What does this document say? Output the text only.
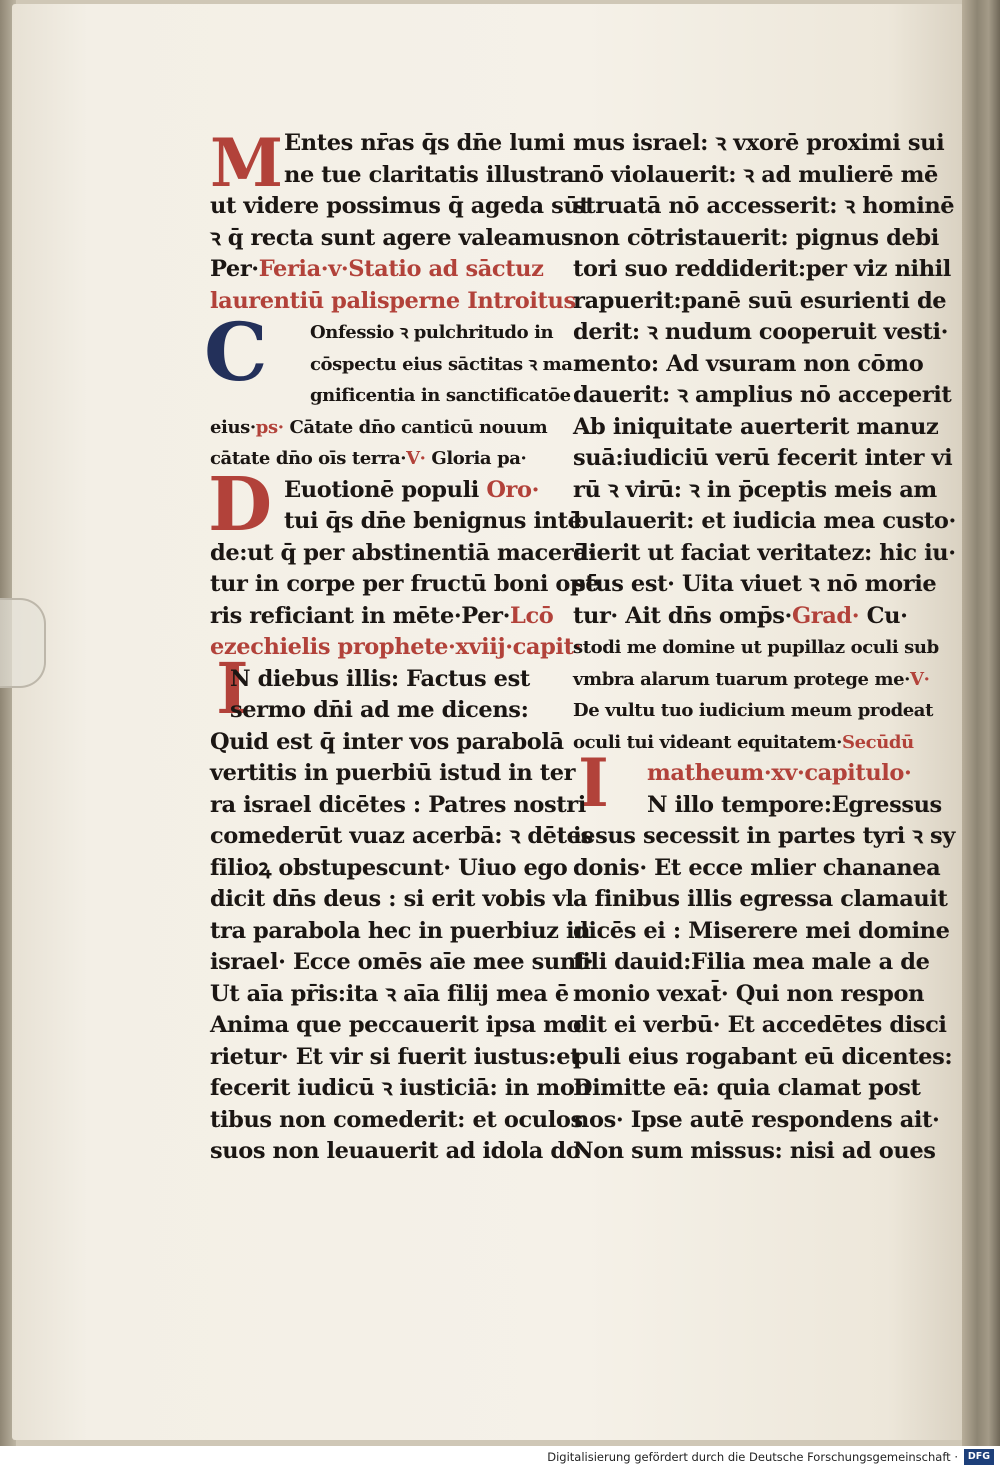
M
C
D
I
I
Entes nr̄as q̄s dn̄e lumi
ne tue claritatis illustra
ut videre possimus q̄ ageda sūt
ꝛ q̄ recta sunt agere valeamus·
Per·Feria·v·Statio ad sāctuz
laurentiū palisperne Introitus
Onfessio ꝛ pulchritudo in
cōspectu eius sāctitas ꝛ ma
gnificentia in sanctificatōe
eius·ps· Cātate dn̄o canticū nouum
cātate dn̄o oīs terra·V· Gloria pa·
Euotionē populi Oro·
tui q̄s dn̄e benignus intē
de:ut q̄ per abstinentiā macerā·
tur in corpe per fructū boni opē
ris reficiant in mēte·Per·Lcō
ezechielis prophete·xviij·capit·
N diebus illis: Factus est
sermo dn̄i ad me dicens:
Quid est q̄ inter vos parabolā
vertitis in puerbiū istud in ter
ra israel dicētes : Patres nostri
comederūt vuaz acerbā: ꝛ dētes
filioꝝ obstupescunt· Uiuo ego
dicit dn̄s deus : si erit vobis vl
tra parabola hec in puerbiuz in
israel· Ecce omēs aīe mee sunt·
Ut aīa pr̄is:ita ꝛ aīa filij mea ē
Anima que peccauerit ipsa mo
rietur· Et vir si fuerit iustus:et
fecerit iudicū ꝛ iusticiā: in mon
tibus non comederit: et oculos
suos non leuauerit ad idola do
mus israel: ꝛ vxorē proximi sui
nō violauerit: ꝛ ad mulierē mē
struatā nō accesserit: ꝛ hominē
non cōtristauerit: pignus debi
tori suo reddiderit:per viz nihil
rapuerit:panē suū esurienti de
derit: ꝛ nudum cooperuit vesti·
mento: Ad vsuram non cōmo
dauerit: ꝛ amplius nō acceperit
Ab iniquitate auerterit manuz
suā:iudiciū verū fecerit inter vi
rū ꝛ virū: ꝛ in p̄ceptis meis am
bulauerit: et iudicia mea custo·
dierit ut faciat veritatez: hic iu·
stus est· Uita viuet ꝛ nō morie
tur· Ait dn̄s omp̄s·Grad· Cu·
stodi me domine ut pupillaz oculi sub
vmbra alarum tuarum protege me·V·
De vultu tuo iudicium meum prodeat
oculi tui videant equitatem·Secūdū
matheum·xv·capitulo·
N illo tempore:Egressus
iesus secessit in partes tyri ꝛ sy
donis· Et ecce mlier chananea
a finibus illis egressa clamauit
dicēs ei : Miserere mei domine
fili dauid:Filia mea male a de
monio vexat̄· Qui non respon
dit ei verbū· Et accedētes disci
puli eius rogabant eū dicentes:
Dimitte eā: quia clamat post
nos· Ipse autē respondens ait·
Non sum missus: nisi ad oues
Digitalisierung gefördert durch die Deutsche Forschungsgemeinschaft ·	DFG
